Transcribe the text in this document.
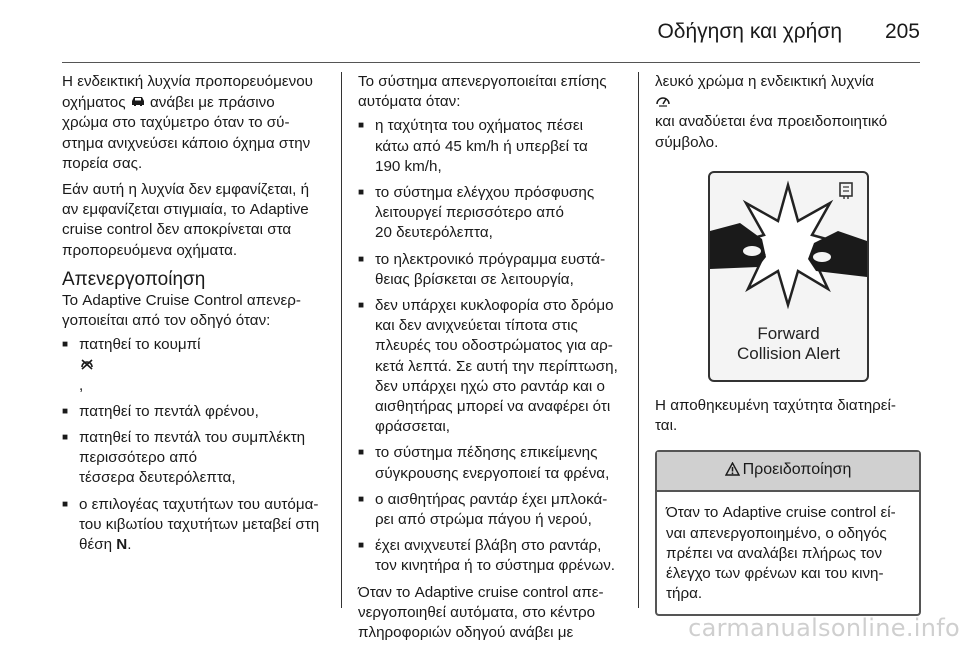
Οδήγηση και χρήση 205

Η ενδεικτική λυχνία προπορευόμενου
οχήματος ανάβει με πράσινο
χρώμα στο ταχύμετρο όταν το σύ-
στημα ανιχνεύσει κάποιο όχημα στην
πορεία σας.

Εάν αυτή η λυχνία δεν εμφανίζεται, ή
αν εμφανίζεται στιγμιαία, το Adaptive
cruise control δεν αποκρίνεται στα
προπορευόμενα οχήματα.

Απενεργοποίηση

Το Adaptive Cruise Control απενερ-
γοποιείται από τον οδηγό όταν:

■ πατηθεί το κουμπί
,
■ πατηθεί το πεντάλ φρένου,
■ πατηθεί το πεντάλ του συμπλέκτη
περισσότερο από
τέσσερα δευτερόλεπτα,
■ ο επιλογέας ταχυτήτων του αυτόμα-
του κιβωτίου ταχυτήτων μεταβεί στη
θέση N.

Το σύστημα απενεργοποιείται επίσης
αυτόματα όταν:

■ η ταχύτητα του οχήματος πέσει
κάτω από 45 km/h ή υπερβεί τα
190 km/h,
■ το σύστημα ελέγχου πρόσφυσης
λειτουργεί περισσότερο από
20 δευτερόλεπτα,
■ το ηλεκτρονικό πρόγραμμα ευστά-
θειας βρίσκεται σε λειτουργία,
■ δεν υπάρχει κυκλοφορία στο δρόμο
και δεν ανιχνεύεται τίποτα στις
πλευρές του οδοστρώματος για αρ-
κετά λεπτά. Σε αυτή την περίπτωση,
δεν υπάρχει ηχώ στο ραντάρ και ο
αισθητήρας μπορεί να αναφέρει ότι
φράσσεται,
■ το σύστημα πέδησης επικείμενης
σύγκρουσης ενεργοποιεί τα φρένα,
■ ο αισθητήρας ραντάρ έχει μπλοκά-
ρει από στρώμα πάγου ή νερού,
■ έχει ανιχνευτεί βλάβη στο ραντάρ,
τον κινητήρα ή το σύστημα φρένων.

Όταν το Adaptive cruise control απε-
νεργοποιηθεί αυτόματα, στο κέντρο
πληροφοριών οδηγού ανάβει με

λευκό χρώμα η ενδεικτική λυχνία
και αναδύεται ένα προειδοποιητικό
σύμβολο.

Forward
Collision Alert

Η αποθηκευμένη ταχύτητα διατηρεί-
ται.

Προειδοποίηση
Όταν το Adaptive cruise control εί-
ναι απενεργοποιημένο, ο οδηγός
πρέπει να αναλάβει πλήρως τον
έλεγχο των φρένων και του κινη-
τήρα.
carmanualsonline.info
